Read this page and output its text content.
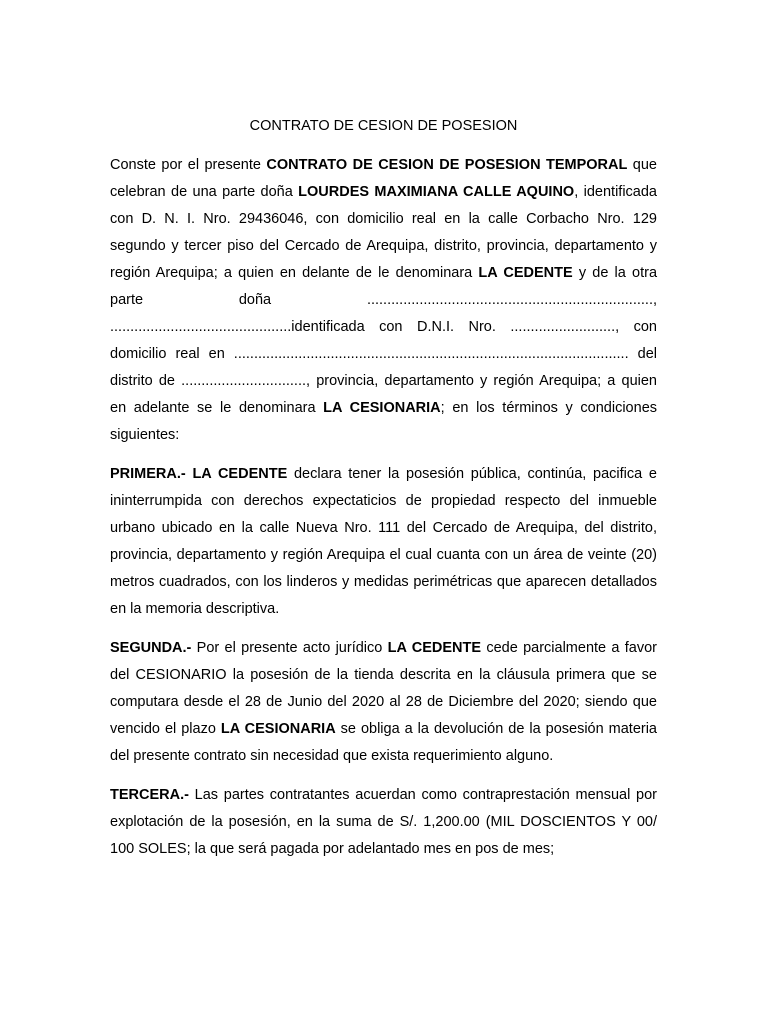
CONTRATO DE CESION DE POSESION

Conste por el presente CONTRATO DE CESION DE POSESION TEMPORAL que celebran de una parte doña LOURDES MAXIMIANA CALLE AQUINO, identificada con D. N. I. Nro. 29436046, con domicilio real en la calle Corbacho Nro. 129 segundo y tercer piso del Cercado de Arequipa, distrito, provincia, departamento y región Arequipa; a quien en delante de le denominara LA CEDENTE y de la otra parte doña ......................................................................., .............................................identificada con D.N.I. Nro. .........................., con domicilio real en .................................................................................................. del distrito de ..............................., provincia, departamento y región Arequipa; a quien en adelante se le denominara LA CESIONARIA; en los términos y condiciones siguientes:

PRIMERA.- LA CEDENTE declara tener la posesión pública, continúa, pacifica e ininterrumpida con derechos expectaticios de propiedad respecto del inmueble urbano ubicado en la calle Nueva Nro. 111 del Cercado de Arequipa, del distrito, provincia, departamento y región Arequipa el cual cuanta con un área de veinte (20) metros cuadrados, con los linderos y medidas perimétricas que aparecen detallados en la memoria descriptiva.

SEGUNDA.- Por el presente acto jurídico LA CEDENTE cede parcialmente a favor del CESIONARIO la posesión de la tienda descrita en la cláusula primera que se computara desde el 28 de Junio del 2020 al 28 de Diciembre del 2020; siendo que vencido el plazo LA CESIONARIA se obliga a la devolución de la posesión materia del presente contrato sin necesidad que exista requerimiento alguno.

TERCERA.- Las partes contratantes acuerdan como contraprestación mensual por explotación de la posesión, en la suma de S/. 1,200.00 (MIL DOSCIENTOS Y 00/ 100 SOLES; la que será pagada por adelantado mes en pos de mes;
